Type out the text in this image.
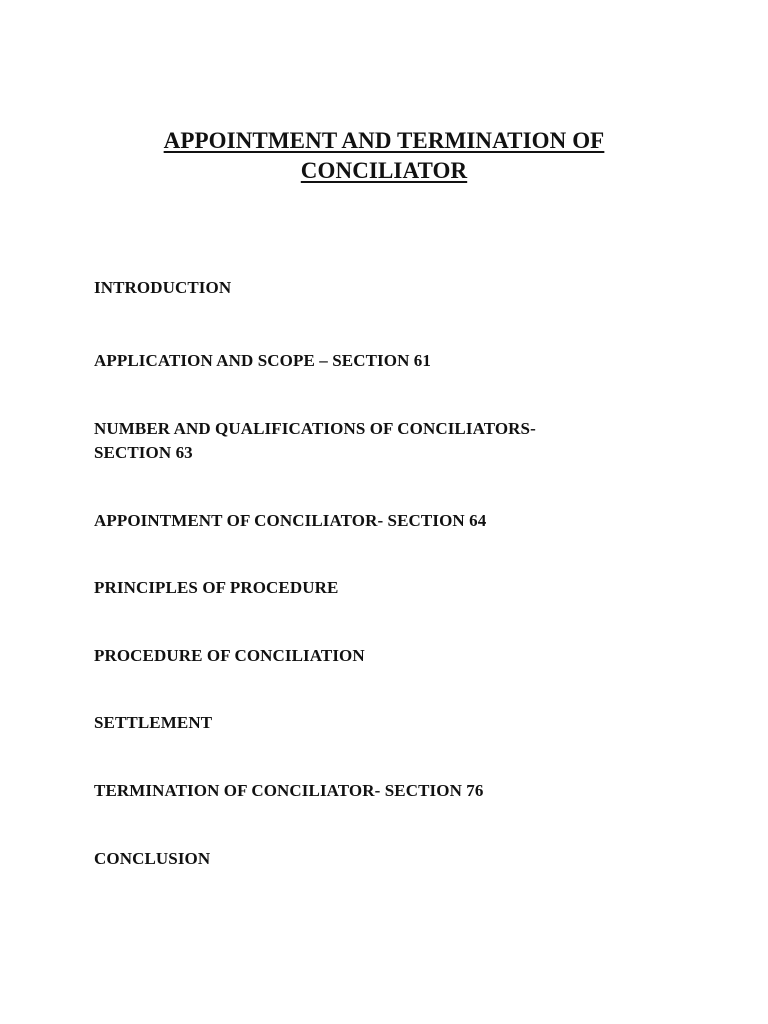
APPOINTMENT AND TERMINATION OF
CONCILIATOR
INTRODUCTION
APPLICATION AND SCOPE – SECTION 61
NUMBER AND QUALIFICATIONS OF CONCILIATORS-
SECTION 63
APPOINTMENT OF CONCILIATOR- SECTION 64
PRINCIPLES OF PROCEDURE
PROCEDURE OF CONCILIATION
SETTLEMENT
TERMINATION OF CONCILIATOR- SECTION 76
CONCLUSION
